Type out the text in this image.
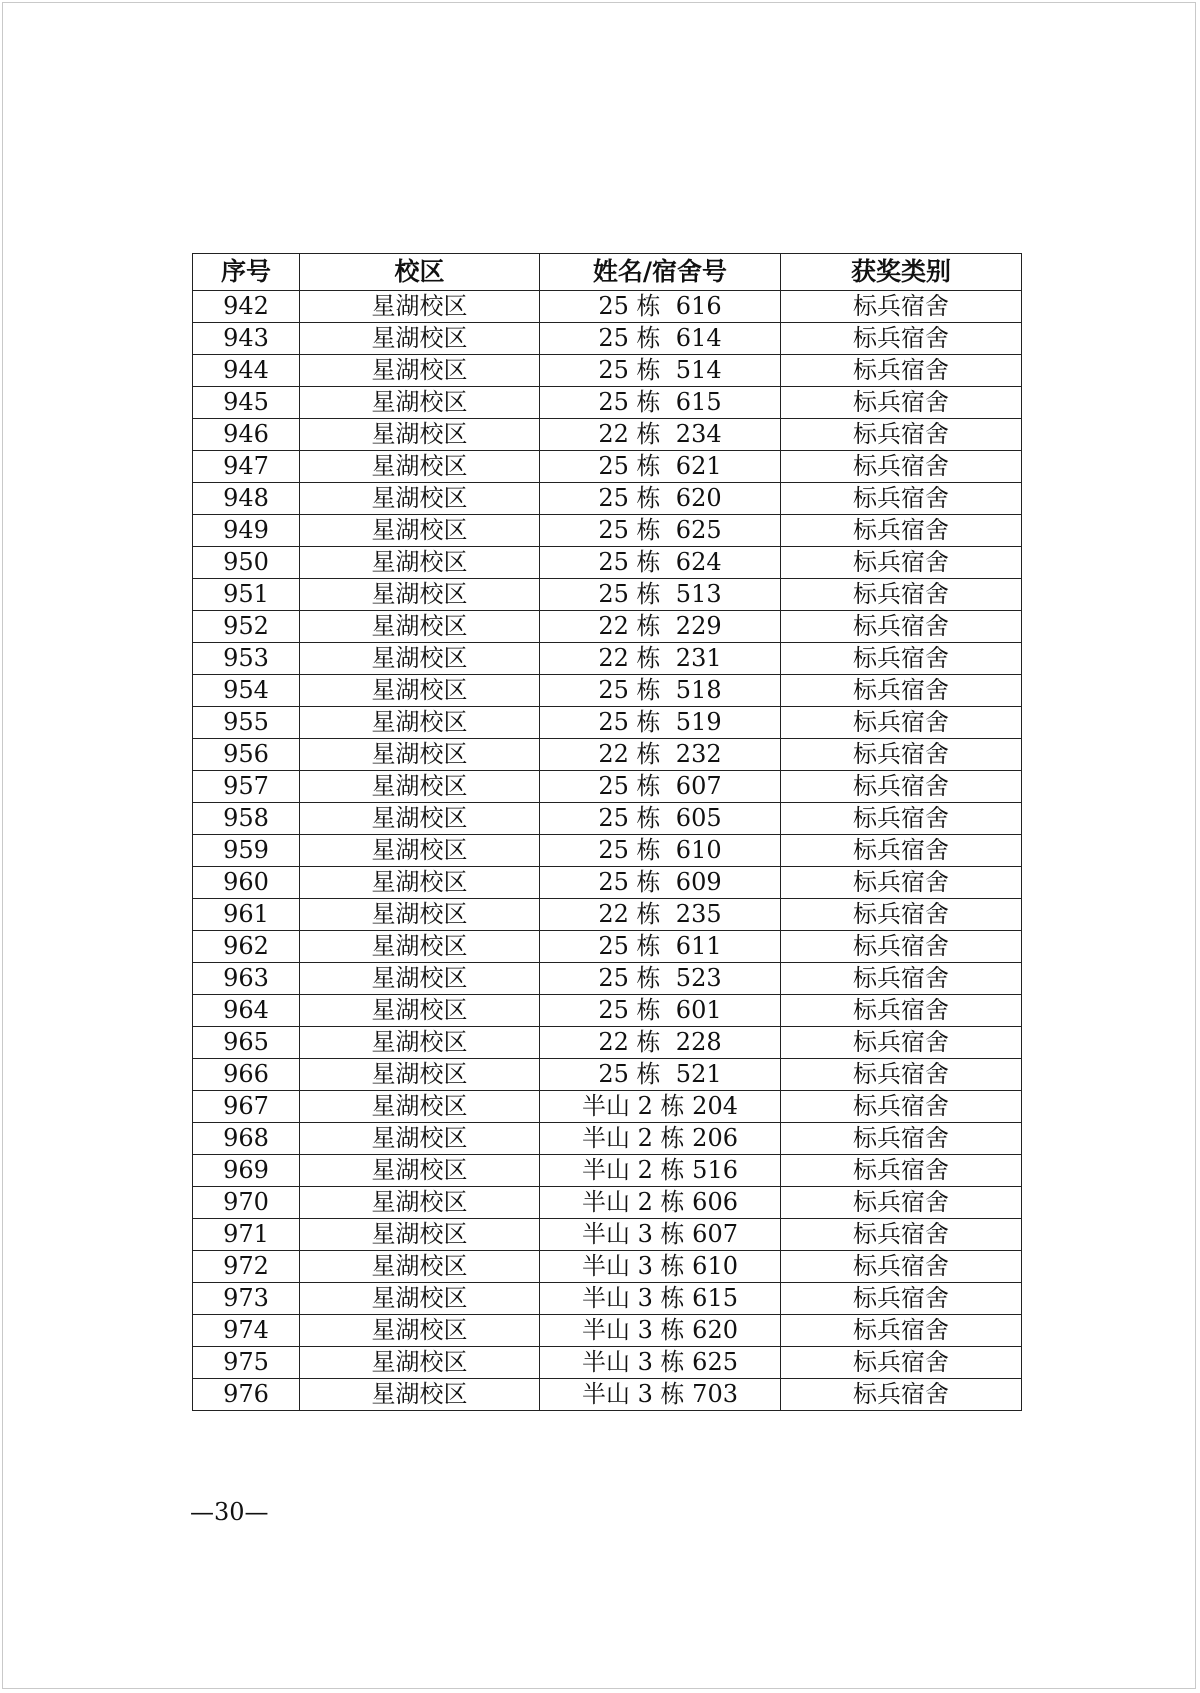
序号	校区	姓名/宿舍号	获奖类别
942	星湖校区	25 栋  616	标兵宿舍
943	星湖校区	25 栋  614	标兵宿舍
944	星湖校区	25 栋  514	标兵宿舍
945	星湖校区	25 栋  615	标兵宿舍
946	星湖校区	22 栋  234	标兵宿舍
947	星湖校区	25 栋  621	标兵宿舍
948	星湖校区	25 栋  620	标兵宿舍
949	星湖校区	25 栋  625	标兵宿舍
950	星湖校区	25 栋  624	标兵宿舍
951	星湖校区	25 栋  513	标兵宿舍
952	星湖校区	22 栋  229	标兵宿舍
953	星湖校区	22 栋  231	标兵宿舍
954	星湖校区	25 栋  518	标兵宿舍
955	星湖校区	25 栋  519	标兵宿舍
956	星湖校区	22 栋  232	标兵宿舍
957	星湖校区	25 栋  607	标兵宿舍
958	星湖校区	25 栋  605	标兵宿舍
959	星湖校区	25 栋  610	标兵宿舍
960	星湖校区	25 栋  609	标兵宿舍
961	星湖校区	22 栋  235	标兵宿舍
962	星湖校区	25 栋  611	标兵宿舍
963	星湖校区	25 栋  523	标兵宿舍
964	星湖校区	25 栋  601	标兵宿舍
965	星湖校区	22 栋  228	标兵宿舍
966	星湖校区	25 栋  521	标兵宿舍
967	星湖校区	半山 2 栋 204	标兵宿舍
968	星湖校区	半山 2 栋 206	标兵宿舍
969	星湖校区	半山 2 栋 516	标兵宿舍
970	星湖校区	半山 2 栋 606	标兵宿舍
971	星湖校区	半山 3 栋 607	标兵宿舍
972	星湖校区	半山 3 栋 610	标兵宿舍
973	星湖校区	半山 3 栋 615	标兵宿舍
974	星湖校区	半山 3 栋 620	标兵宿舍
975	星湖校区	半山 3 栋 625	标兵宿舍
976	星湖校区	半山 3 栋 703	标兵宿舍
—30—
